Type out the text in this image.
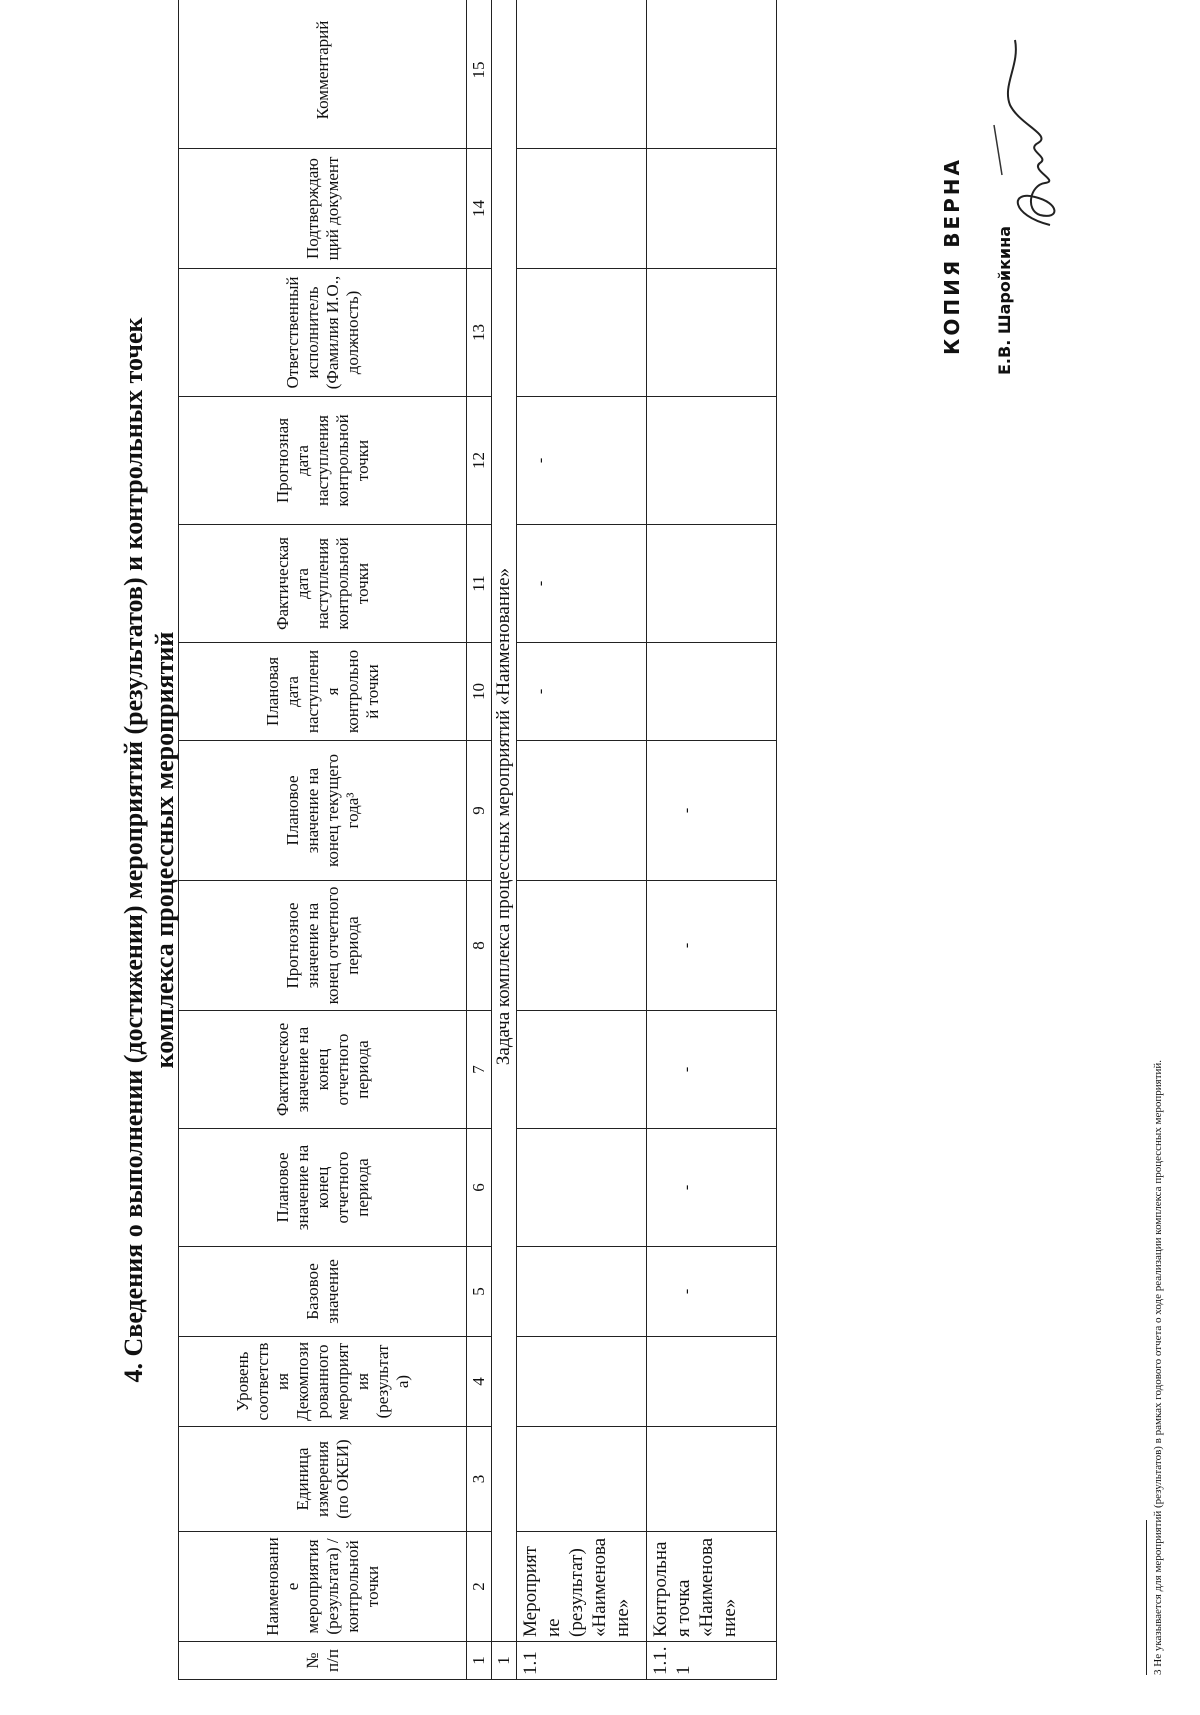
4. Сведения о выполнении (достижении) мероприятий (результатов) и контрольных точек комплекса процессных мероприятий
№ п/п	Наименование мероприятия (результата) / контрольной точки	Единица измерения (по ОКЕИ)	Уровень соответствия Декомпозированного мероприятия (результата)	Базовое значение	Плановое значение на конец отчетного периода	Фактическое значение на конец отчетного периода	Прогнозное значение на конец отчетного периода	Плановое значение на конец текущего года³	Плановая дата наступления контрольной точки	Фактическая дата наступления контрольной точки	Прогнозная дата наступления контрольной точки	Ответственный исполнитель (Фамилия И.О., должность)	Подтверждающий документ	Комментарий
1	2	3	4	5	6	7	8	9	10	11	12	13	14	15
1	Задача комплекса процессных мероприятий «Наименование»													
1.1	Мероприятие (результат) «Наименование»								-	-	-			
1.1.1	Контрольная точка «Наименование»			-	-	-	-	-						
3 Не указывается для мероприятий (результатов) в рамках годового отчета о ходе реализации комплекса процессных мероприятий.
КОПИЯ ВЕРНА Е.В. Шаройкина
